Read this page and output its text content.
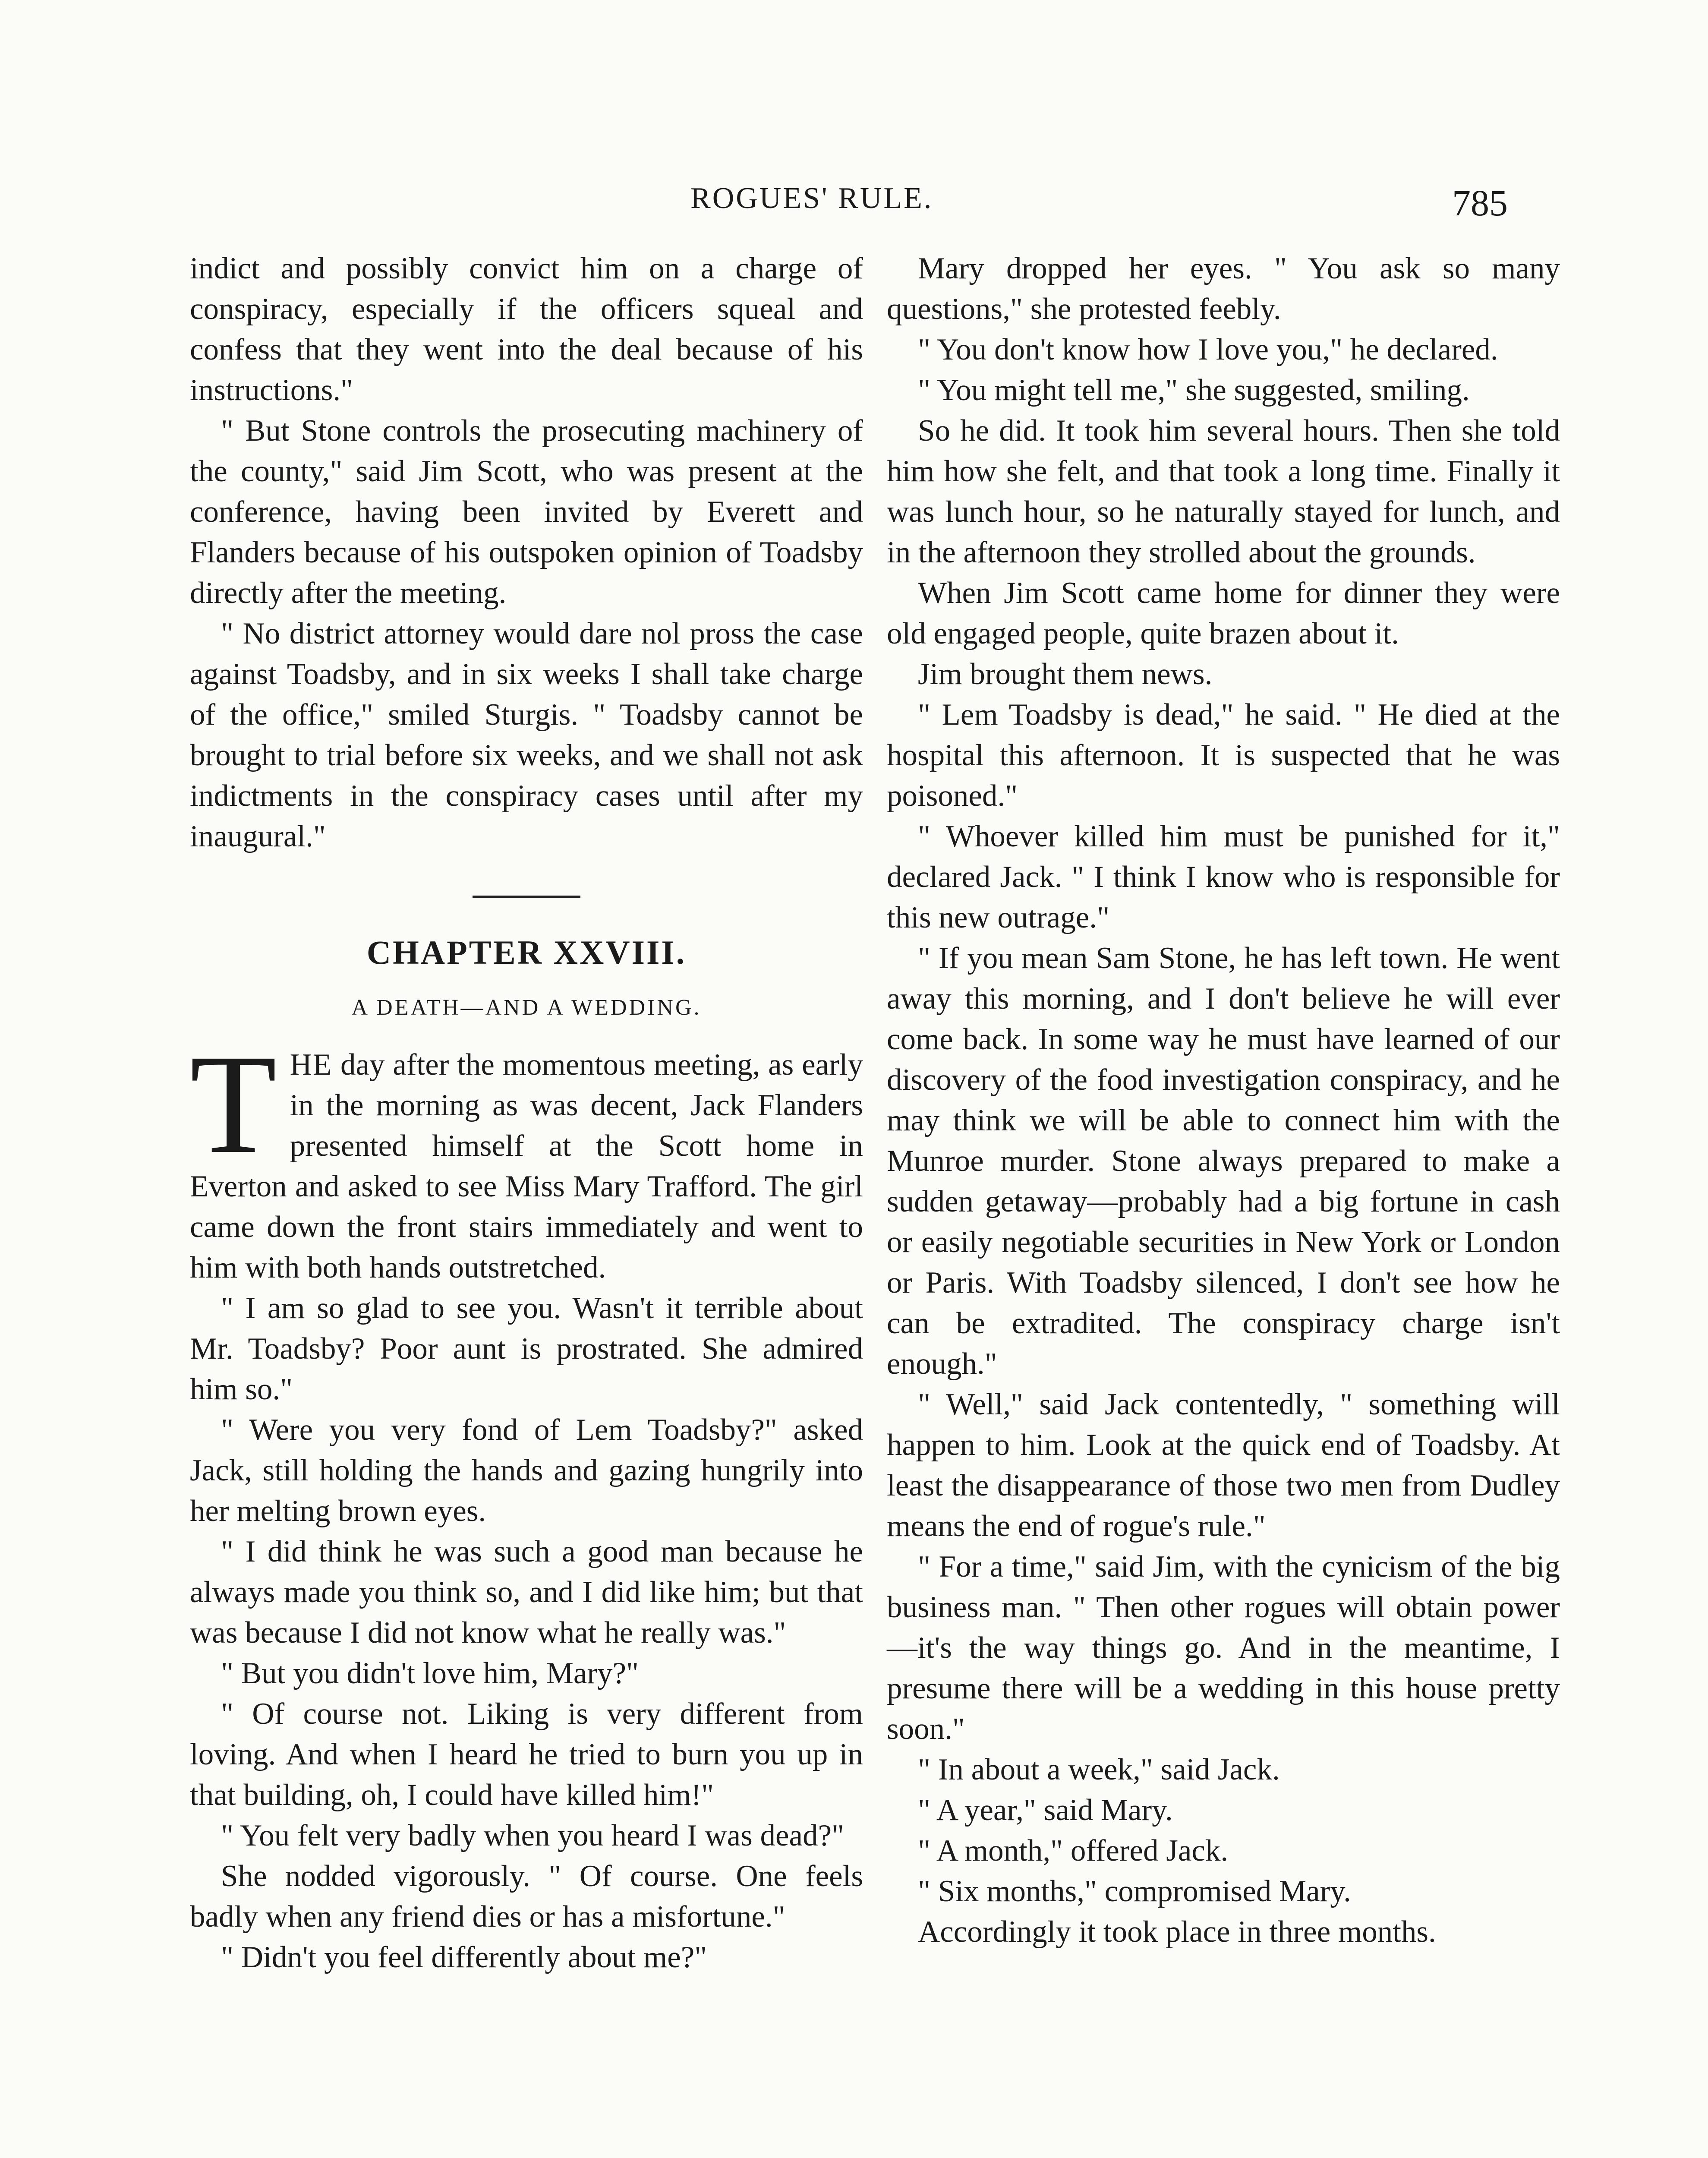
ROGUES' RULE.	785

indict and possibly convict him on a charge of conspiracy, especially if the officers squeal and confess that they went into the deal because of his instructions."

" But Stone controls the prosecuting machinery of the county," said Jim Scott, who was present at the conference, having been invited by Everett and Flanders because of his outspoken opinion of Toadsby directly after the meeting.

" No district attorney would dare nol pross the case against Toadsby, and in six weeks I shall take charge of the office," smiled Sturgis. " Toadsby cannot be brought to trial before six weeks, and we shall not ask indictments in the conspiracy cases until after my inaugural."

CHAPTER XXVIII.
A DEATH—AND A WEDDING.

THE day after the momentous meeting, as early in the morning as was decent, Jack Flanders presented himself at the Scott home in Everton and asked to see Miss Mary Trafford. The girl came down the front stairs immediately and went to him with both hands outstretched.

" I am so glad to see you. Wasn't it terrible about Mr. Toadsby? Poor aunt is prostrated. She admired him so."

" Were you very fond of Lem Toadsby?" asked Jack, still holding the hands and gazing hungrily into her melting brown eyes.

" I did think he was such a good man because he always made you think so, and I did like him; but that was because I did not know what he really was."

" But you didn't love him, Mary?"

" Of course not. Liking is very different from loving. And when I heard he tried to burn you up in that building, oh, I could have killed him!"

" You felt very badly when you heard I was dead?"

She nodded vigorously. " Of course. One feels badly when any friend dies or has a misfortune."

" Didn't you feel differently about me?"

Mary dropped her eyes. " You ask so many questions," she protested feebly.

" You don't know how I love you," he declared.

" You might tell me," she suggested, smiling.

So he did. It took him several hours. Then she told him how she felt, and that took a long time. Finally it was lunch hour, so he naturally stayed for lunch, and in the afternoon they strolled about the grounds.

When Jim Scott came home for dinner they were old engaged people, quite brazen about it.

Jim brought them news.

" Lem Toadsby is dead," he said. " He died at the hospital this afternoon. It is suspected that he was poisoned."

" Whoever killed him must be punished for it," declared Jack. " I think I know who is responsible for this new outrage."

" If you mean Sam Stone, he has left town. He went away this morning, and I don't believe he will ever come back. In some way he must have learned of our discovery of the food investigation conspiracy, and he may think we will be able to connect him with the Munroe murder. Stone always prepared to make a sudden getaway—probably had a big fortune in cash or easily negotiable securities in New York or London or Paris. With Toadsby silenced, I don't see how he can be extradited. The conspiracy charge isn't enough."

" Well," said Jack contentedly, " something will happen to him. Look at the quick end of Toadsby. At least the disappearance of those two men from Dudley means the end of rogue's rule."

" For a time," said Jim, with the cynicism of the big business man. " Then other rogues will obtain power—it's the way things go. And in the meantime, I presume there will be a wedding in this house pretty soon."

" In about a week," said Jack.

" A year," said Mary.

" A month," offered Jack.

" Six months," compromised Mary.

Accordingly it took place in three months.
